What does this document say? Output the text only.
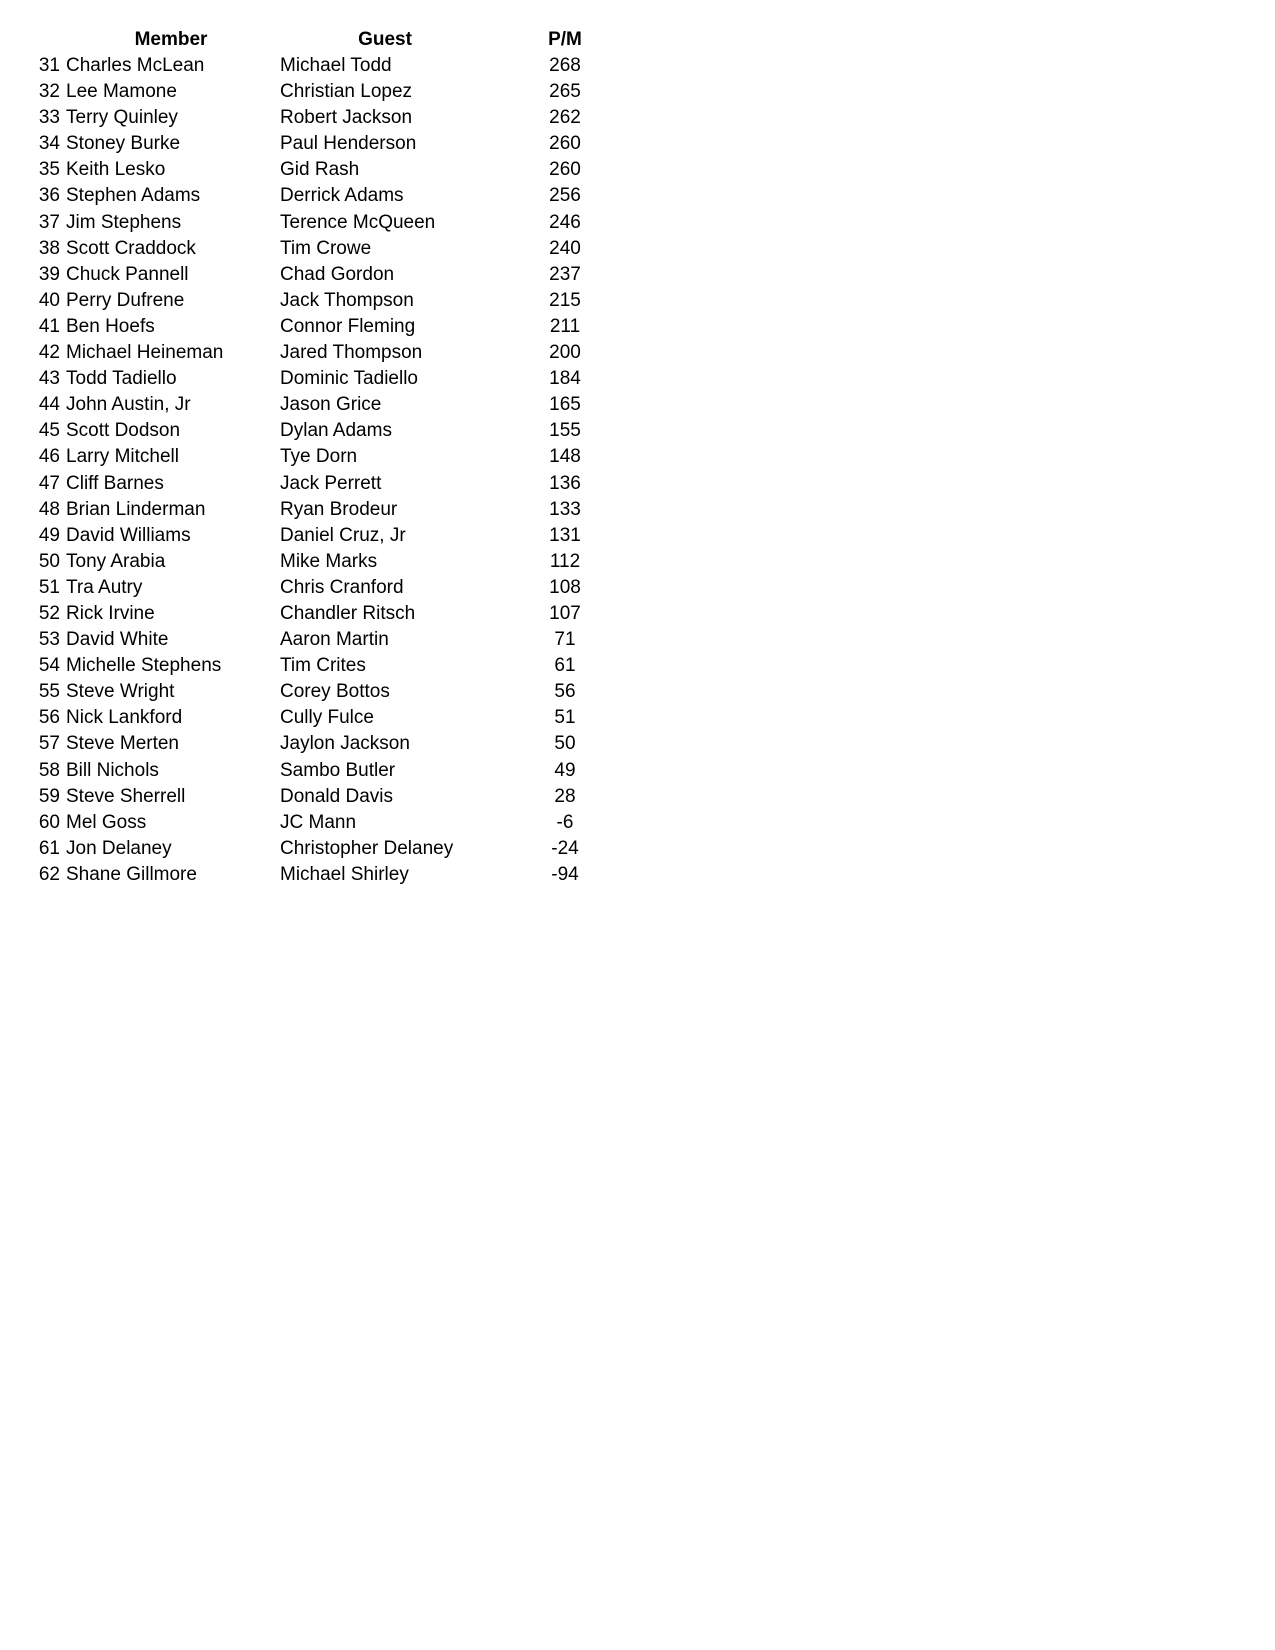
Member	Guest	P/M
31 Charles McLean	Michael Todd	268
32 Lee Mamone	Christian Lopez	265
33 Terry Quinley	Robert Jackson	262
34 Stoney Burke	Paul Henderson	260
35 Keith Lesko	Gid Rash	260
36 Stephen Adams	Derrick Adams	256
37 Jim Stephens	Terence McQueen	246
38 Scott Craddock	Tim Crowe	240
39 Chuck Pannell	Chad Gordon	237
40 Perry Dufrene	Jack Thompson	215
41 Ben Hoefs	Connor Fleming	211
42 Michael Heineman	Jared Thompson	200
43 Todd Tadiello	Dominic Tadiello	184
44 John Austin, Jr	Jason Grice	165
45 Scott Dodson	Dylan Adams	155
46 Larry Mitchell	Tye Dorn	148
47 Cliff Barnes	Jack Perrett	136
48 Brian Linderman	Ryan Brodeur	133
49 David Williams	Daniel Cruz, Jr	131
50 Tony Arabia	Mike Marks	112
51 Tra Autry	Chris Cranford	108
52 Rick Irvine	Chandler Ritsch	107
53 David White	Aaron Martin	71
54 Michelle Stephens	Tim Crites	61
55 Steve Wright	Corey Bottos	56
56 Nick Lankford	Cully Fulce	51
57 Steve Merten	Jaylon Jackson	50
58 Bill Nichols	Sambo Butler	49
59 Steve Sherrell	Donald Davis	28
60 Mel Goss	JC Mann	-6
61 Jon Delaney	Christopher Delaney	-24
62 Shane Gillmore	Michael Shirley	-94
